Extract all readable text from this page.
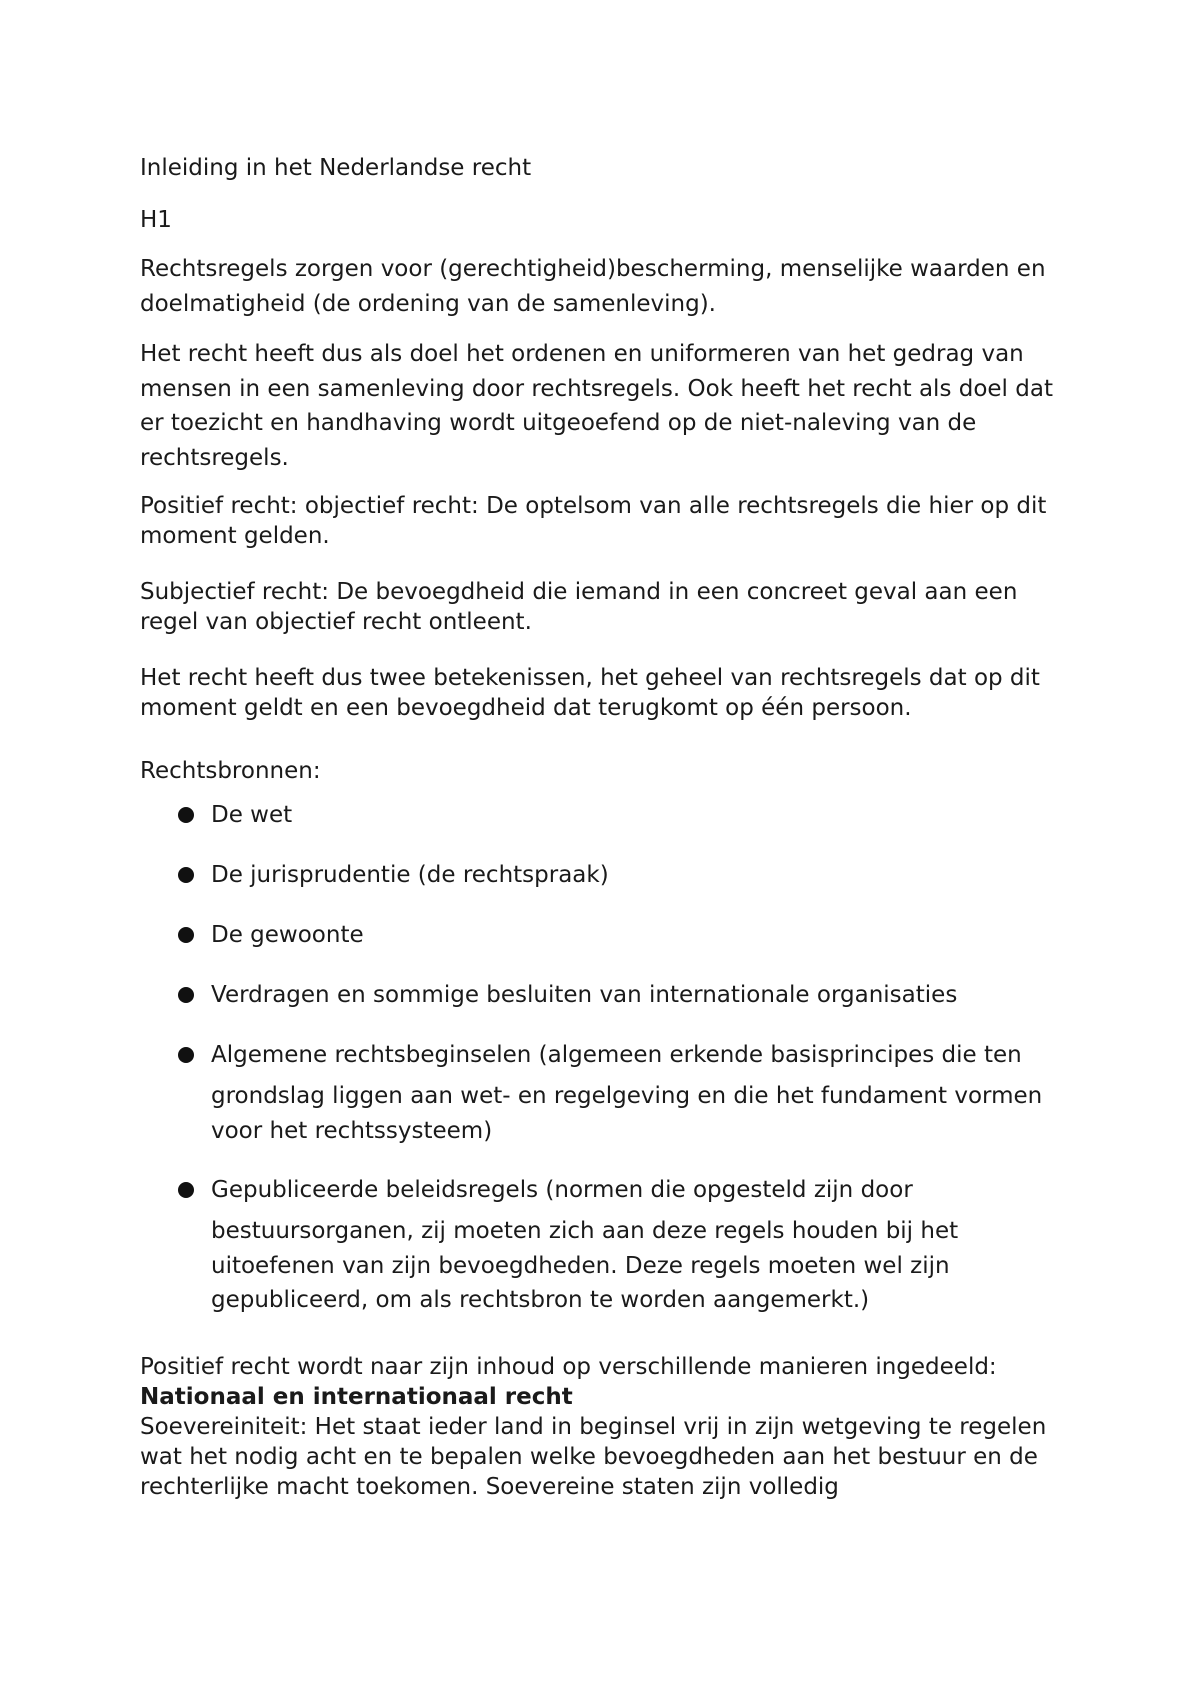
Inleiding in het Nederlandse recht

H1

Rechtsregels zorgen voor (gerechtigheid)bescherming, menselijke waarden en doelmatigheid (de ordening van de samenleving).

Het recht heeft dus als doel het ordenen en uniformeren van het gedrag van mensen in een samenleving door rechtsregels. Ook heeft het recht als doel dat er toezicht en handhaving wordt uitgeoefend op de niet-naleving van de rechtsregels.

Positief recht: objectief recht: De optelsom van alle rechtsregels die hier op dit moment gelden.

Subjectief recht: De bevoegdheid die iemand in een concreet geval aan een regel van objectief recht ontleent.

Het recht heeft dus twee betekenissen, het geheel van rechtsregels dat op dit moment geldt en een bevoegdheid dat terugkomt op één persoon.

Rechtsbronnen:

De wet
De jurisprudentie (de rechtspraak)
De gewoonte
Verdragen en sommige besluiten van internationale organisaties
Algemene rechtsbeginselen (algemeen erkende basisprincipes die ten
grondslag liggen aan wet- en regelgeving en die het fundament vormen voor het rechtssysteem)
Gepubliceerde beleidsregels (normen die opgesteld zijn door
bestuursorganen, zij moeten zich aan deze regels houden bij het uitoefenen van zijn bevoegdheden. Deze regels moeten wel zijn gepubliceerd, om als rechtsbron te worden aangemerkt.)

Positief recht wordt naar zijn inhoud op verschillende manieren ingedeeld:

Nationaal en internationaal recht

Soevereiniteit: Het staat ieder land in beginsel vrij in zijn wetgeving te regelen wat het nodig acht en te bepalen welke bevoegdheden aan het bestuur en de rechterlijke macht toekomen. Soevereine staten zijn volledig
